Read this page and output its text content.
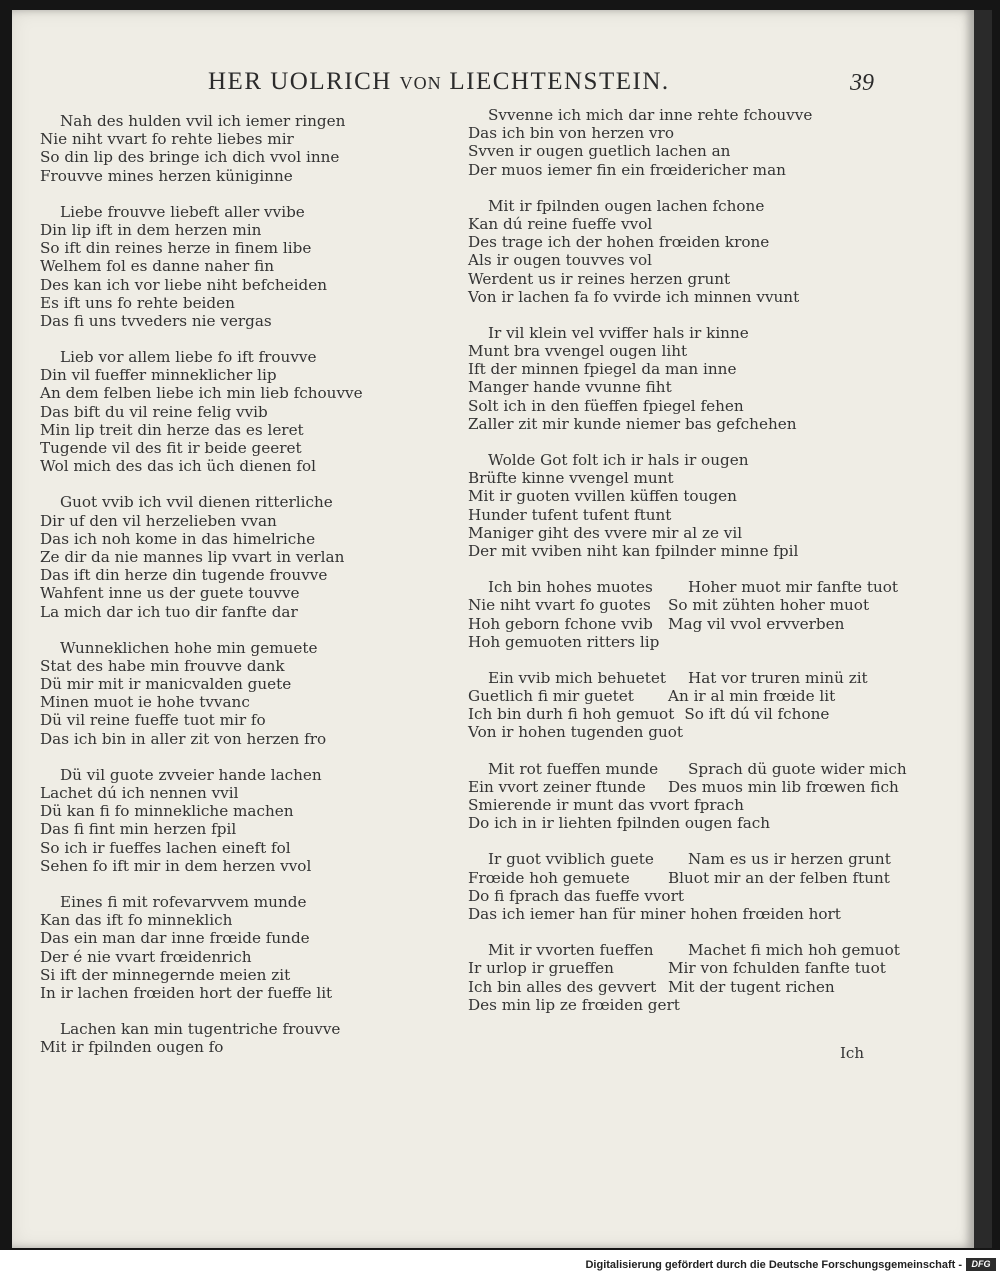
HER UOLRICH VON LIECHTENSTEIN.	39
Nah des hulden vvil ich iemer ringen
Nie niht vvart fo rehte liebes mir
So din lip des bringe ich dich vvol inne
Frouvve mines herzen küniginne
Liebe frouvve liebeft aller vvibe
Din lip ift in dem herzen min
So ift din reines herze in finem libe
Welhem fol es danne naher fin
Des kan ich vor liebe niht befcheiden
Es ift uns fo rehte beiden
Das fi uns tvveders nie vergas
Lieb vor allem liebe fo ift frouvve
Din vil fueffer minneklicher lip
An dem felben liebe ich min lieb fchouvve
Das bift du vil reine felig vvib
Min lip treit din herze das es leret
Tugende vil des fit ir beide geeret
Wol mich des das ich üch dienen fol
Guot vvib ich vvil dienen ritterliche
Dir uf den vil herzelieben vvan
Das ich noh kome in das himelriche
Ze dir da nie mannes lip vvart in verlan
Das ift din herze din tugende frouvve
Wahfent inne us der guete touvve
La mich dar ich tuo dir fanfte dar
Wunneklichen hohe min gemuete
Stat des habe min frouvve dank
Dü mir mit ir manicvalden guete
Minen muot ie hohe tvvanc
Dü vil reine fueffe tuot mir fo
Das ich bin in aller zit von herzen fro
Dü vil guote zvveier hande lachen
Lachet dú ich nennen vvil
Dü kan fi fo minnekliche machen
Das fi fint min herzen fpil
So ich ir fueffes lachen eineft fol
Sehen fo ift mir in dem herzen vvol
Eines fi mit rofevarvvem munde
Kan das ift fo minneklich
Das ein man dar inne frœide funde
Der é nie vvart frœidenrich
Si ift der minnegernde meien zit
In ir lachen frœiden hort der fueffe lit
Lachen kan min tugentriche frouvve
Mit ir fpilnden ougen fo
Svvenne ich mich dar inne rehte fchouvve
Das ich bin von herzen vro
Svven ir ougen guetlich lachen an
Der muos iemer fin ein frœidericher man
Mit ir fpilnden ougen lachen fchone
Kan dú reine fueffe vvol
Des trage ich der hohen frœiden krone
Als ir ougen touvves vol
Werdent us ir reines herzen grunt
Von ir lachen fa fo vvirde ich minnen vvunt
Ir vil klein vel vviffer hals ir kinne
Munt bra vvengel ougen liht
Ift der minnen fpiegel da man inne
Manger hande vvunne fiht
Solt ich in den füeffen fpiegel fehen
Zaller zit mir kunde niemer bas gefchehen
Wolde Got folt ich ir hals ir ougen
Brüfte kinne vvengel munt
Mit ir guoten vvillen küffen tougen
Hunder tufent tufent ftunt
Maniger giht des vvere mir al ze vil
Der mit vviben niht kan fpilnder minne fpil
Ich bin hohes muotes Hoher muot mir fanfte tuot
Nie niht vvart fo guotes So mit zühten hoher muot
Hoh geborn fchone vvib Mag vil vvol ervverben
Hoh gemuoten ritters lip
Ein vvib mich behuetet Hat vor truren minü zit
Guetlich fi mir guetet An ir al min frœide lit
Ich bin durh fi hoh gemuot So ift dú vil fchone
Von ir hohen tugenden guot
Mit rot fueffen munde Sprach dü guote wider mich
Ein vvort zeiner ftunde Des muos min lib frœwen fich
Smierende ir munt das vvort fprach
Do ich in ir liehten fpilnden ougen fach
Ir guot vviblich guete Nam es us ir herzen grunt
Frœide hoh gemuete	Bluot mir an der felben ftunt
Do fi fprach das fueffe vvort
Das ich iemer han für miner hohen frœiden hort
Mit ir vvorten fueffen Machet fi mich hoh gemuot
Ir urlop ir grueffen	Mir von fchulden fanfte tuot
Ich bin alles des gevvert Mit der tugent richen
Des min lip ze frœiden gert
Ich
Digitalisierung gefördert durch die Deutsche Forschungsgemeinschaft -	DFG
